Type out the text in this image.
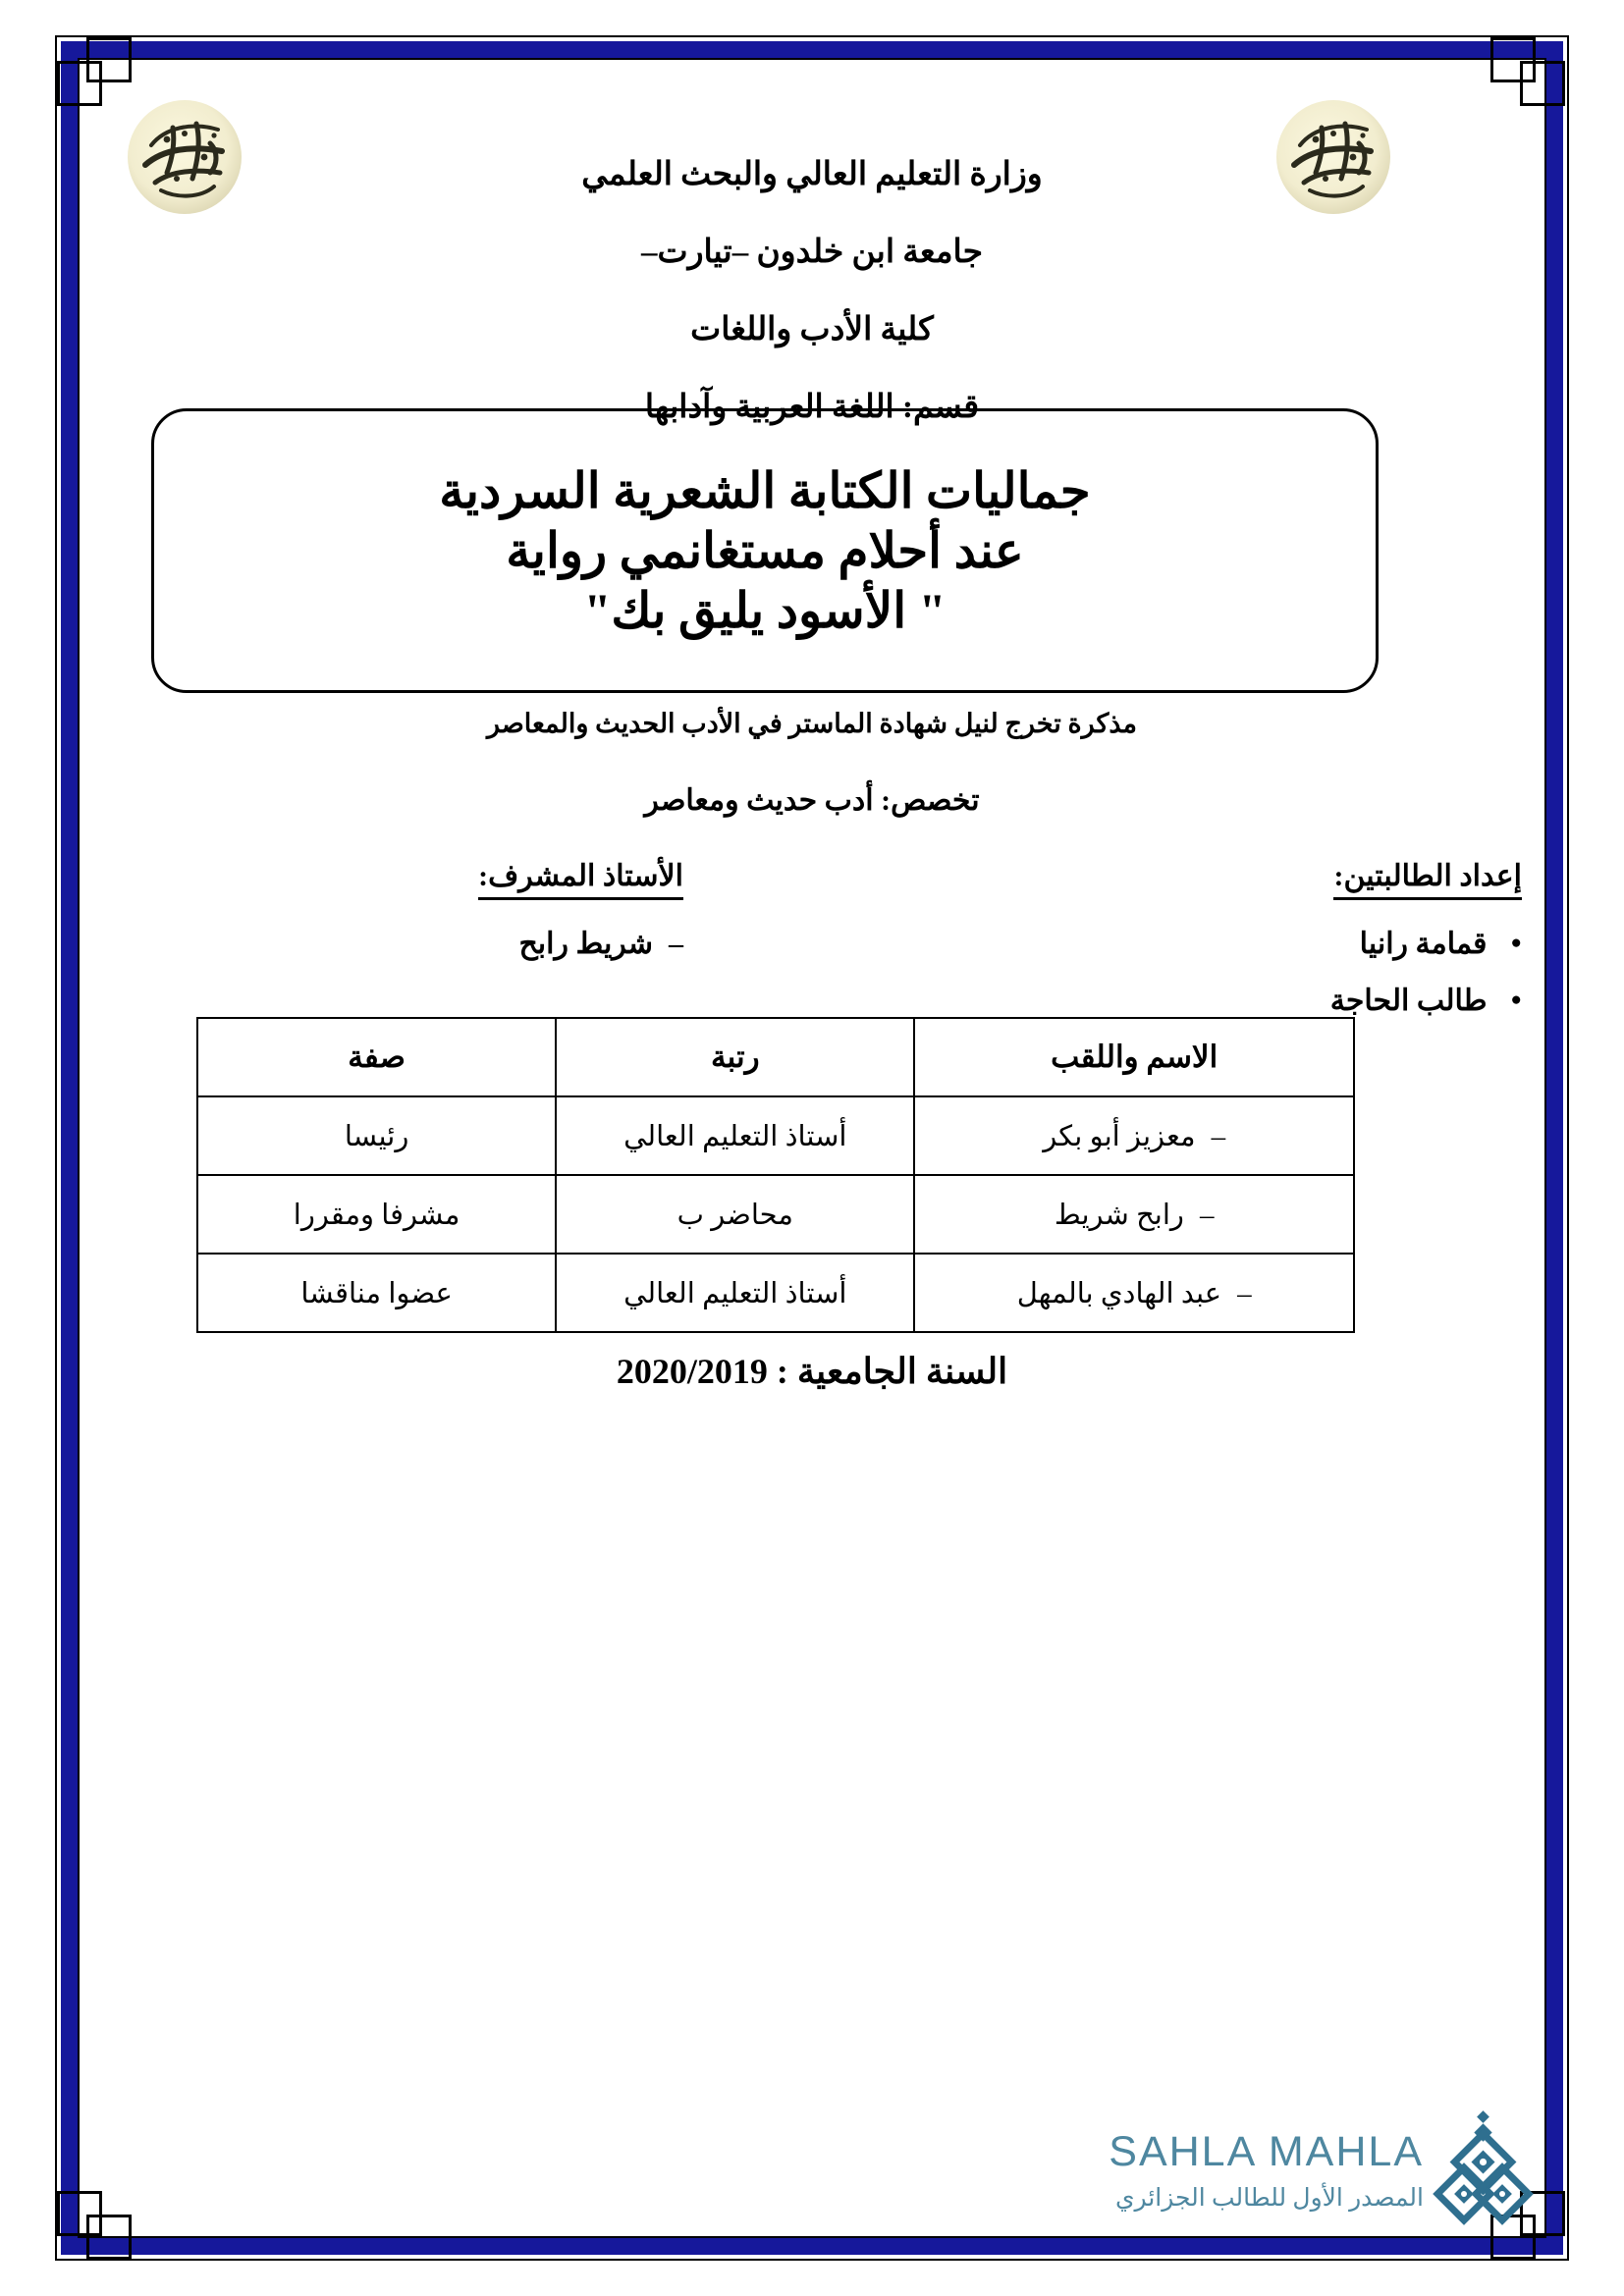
وزارة التعليم العالي والبحث العلمي
جامعة ابن خلدون –تيارت–
كلية الأدب واللغات
قسم: اللغة العربية وآدابها
جماليات الكتابة الشعرية السردية
عند أحلام مستغانمي رواية
" الأسود يليق بك"
مذكرة تخرج لنيل شهادة الماستر في الأدب الحديث والمعاصر
تخصص: أدب حديث ومعاصر
إعداد الطالبتين:
● قمامة رانيا
● طالب الحاجة
الأستاذ المشرف:
–شريط رابح
الاسم واللقب	رتبة	صفة
–معزيز أبو بكر	أستاذ التعليم العالي	رئيسا
–رابح شريط	محاضر ب	مشرفا ومقررا
–عبد الهادي بالمهل	أستاذ التعليم العالي	عضوا مناقشا
السنة الجامعية : 2020/2019
SAHLA MAHLA
المصدر الأول للطالب الجزائري
